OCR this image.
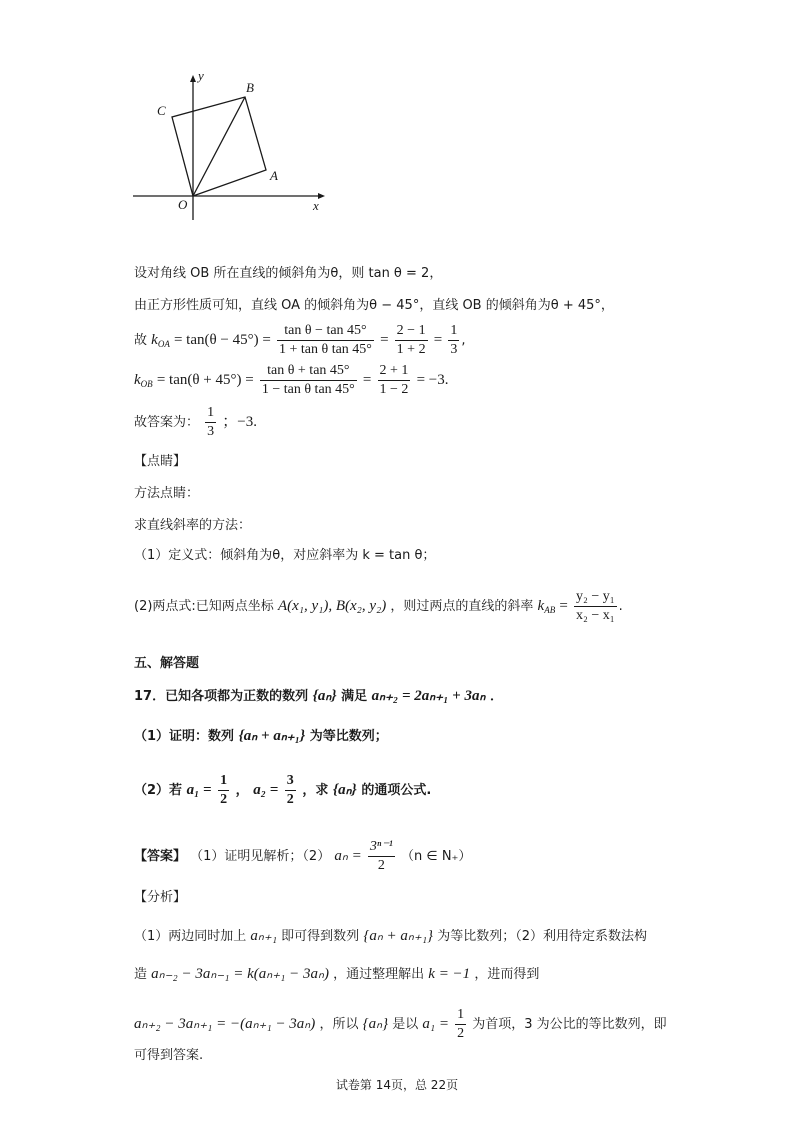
x
y
O
A
B
C
设对角线 OB 所在直线的倾斜角为θ，则 tan θ = 2，
由正方形性质可知，直线 OA 的倾斜角为θ − 45°，直线 OB 的倾斜角为θ + 45°，
故 $k_{OA} = \tan(\theta - 45^\circ) = \frac{\text{tan θ − tan 45°}}{\text{1 + tan θ tan 45°}} = \frac{2 - 1}{1 + 2} = \frac{1}{3}$ ,
$k_{OB} = \tan(\theta + 45^\circ) = \frac{\text{tan θ + tan 45°}}{\text{1 − tan θ tan 45°}} = \frac{2 + 1}{1 - 2} = -3$.
故答案为： $\frac{1}{3}$ ；−3.
【点睛】
方法点睛：
求直线斜率的方法：
（1）定义式：倾斜角为θ，对应斜率为 k = tan θ；
(2)两点式:已知两点坐标 A(x₁, y₁), B(x₂, y₂) ，则过两点的直线的斜率 $k_{AB} = \frac{\text{y₂ − y₁}}{\text{x₂ − x₁}}$ .
五、解答题
17．已知各项都为正数的数列 {aₙ} 满足 aₙ₊₂ = 2aₙ₊₁ + 3aₙ ．
（1）证明：数列 {aₙ + aₙ₊₁} 为等比数列；
（2）若 $a_1 = \frac{1}{2}$ ， $a_2 = \frac{3}{2}$ ，求 {aₙ} 的通项公式.
【答案】 （1）证明见解析；（2） $a_n = \frac{\text{3ⁿ⁻¹}}{2} (n$ ∈ N₊）
【分析】
（1）两边同时加上 aₙ₊₁ 即可得到数列 {aₙ + aₙ₊₁} 为等比数列；（2）利用待定系数法构
造 aₙ₋₂ − 3aₙ₋₁ = k(aₙ₊₁ − 3aₙ) ，通过整理解出 k = −1 ，进而得到
aₙ₊₂ − 3aₙ₊₁ = −(aₙ₊₁ − 3aₙ) ，所以 {aₙ} 是以 $a_1 = \frac{1}{2}$ 为首项，3 为公比的等比数列，即
可得到答案.
试卷第 14页，总 22页
